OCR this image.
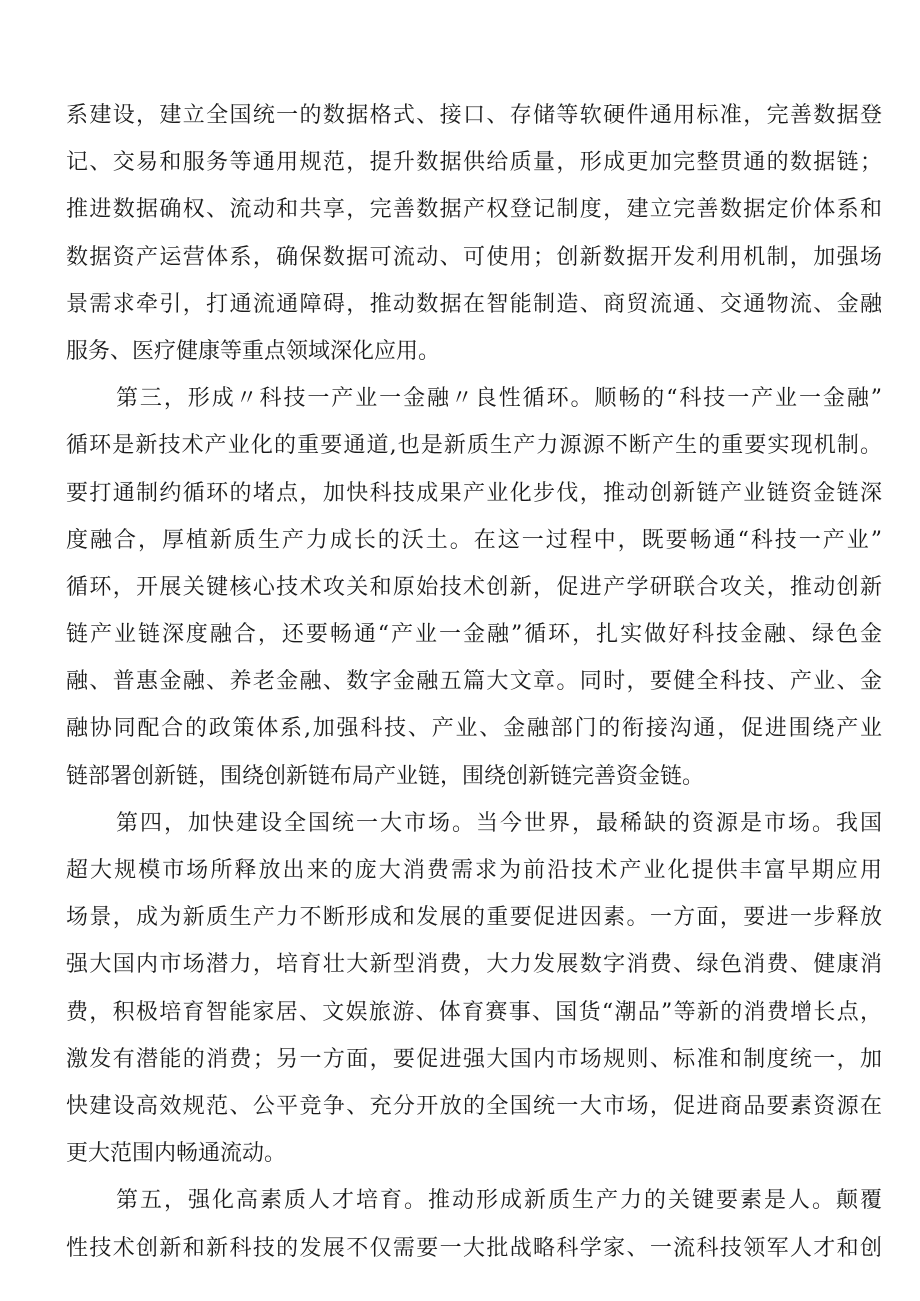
系建设，建立全国统一的数据格式、接口、存储等软硬件通用标准，完善数据登
记、交易和服务等通用规范，提升数据供给质量，形成更加完整贯通的数据链；
推进数据确权、流动和共享，完善数据产权登记制度，建立完善数据定价体系和
数据资产运营体系，确保数据可流动、可使用；创新数据开发利用机制，加强场
景需求牵引，打通流通障碍，推动数据在智能制造、商贸流通、交通物流、金融
服务、医疗健康等重点领域深化应用。
第三，形成〃科技一产业一金融〃良性循环。顺畅的“科技一产业一金融”
循环是新技术产业化的重要通道,也是新质生产力源源不断产生的重要实现机制。
要打通制约循环的堵点，加快科技成果产业化步伐，推动创新链产业链资金链深
度融合，厚植新质生产力成长的沃土。在这一过程中，既要畅通“科技一产业”
循环，开展关键核心技术攻关和原始技术创新，促进产学研联合攻关，推动创新
链产业链深度融合，还要畅通“产业一金融”循环，扎实做好科技金融、绿色金
融、普惠金融、养老金融、数字金融五篇大文章。同时，要健全科技、产业、金
融协同配合的政策体系,加强科技、产业、金融部门的衔接沟通，促进围绕产业
链部署创新链，围绕创新链布局产业链，围绕创新链完善资金链。
第四，加快建设全国统一大市场。当今世界，最稀缺的资源是市场。我国
超大规模市场所释放出来的庞大消费需求为前沿技术产业化提供丰富早期应用
场景，成为新质生产力不断形成和发展的重要促进因素。一方面，要进一步释放
强大国内市场潜力，培育壮大新型消费，大力发展数字消费、绿色消费、健康消
费，积极培育智能家居、文娱旅游、体育赛事、国货“潮品”等新的消费增长点，
激发有潜能的消费；另一方面，要促进强大国内市场规则、标准和制度统一，加
快建设高效规范、公平竞争、充分开放的全国统一大市场，促进商品要素资源在
更大范围内畅通流动。
第五，强化高素质人才培育。推动形成新质生产力的关键要素是人。颠覆
性技术创新和新科技的发展不仅需要一大批战略科学家、一流科技领军人才和创
